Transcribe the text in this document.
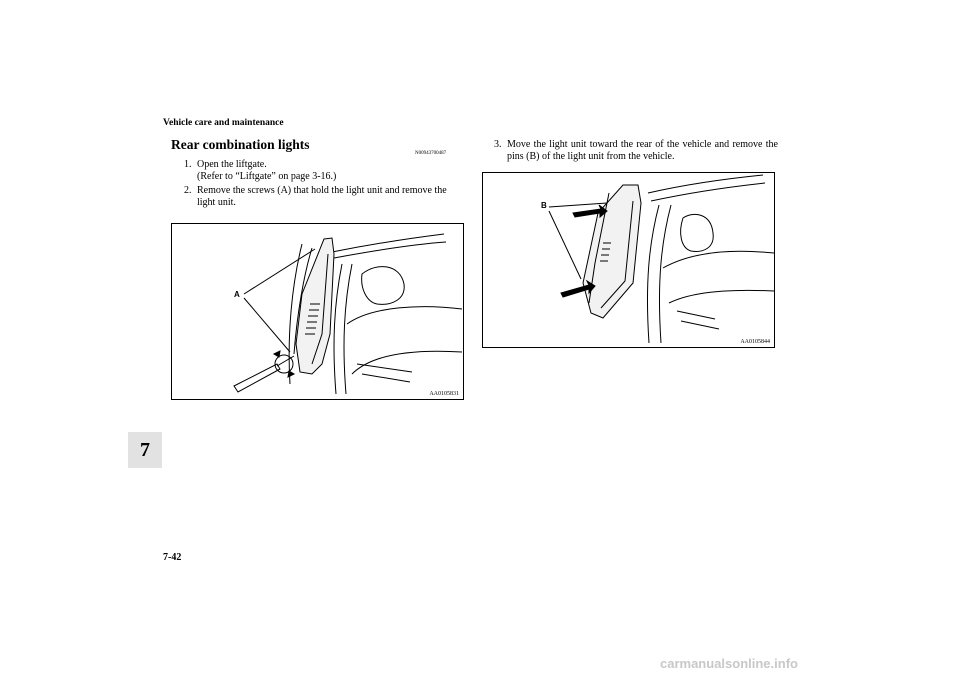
Vehicle care and maintenance
7
7-42
Rear combination lights
N00943700487
1. Open the liftgate.
(Refer to “Liftgate” on page 3-16.)
2. Remove the screws (A) that hold the light unit and remove the light unit.
3. Move the light unit toward the rear of the vehicle and remove the pins (B) of the light unit from the vehicle.
A
AA0105831
B
AA0105844
carmanualsonline.info
